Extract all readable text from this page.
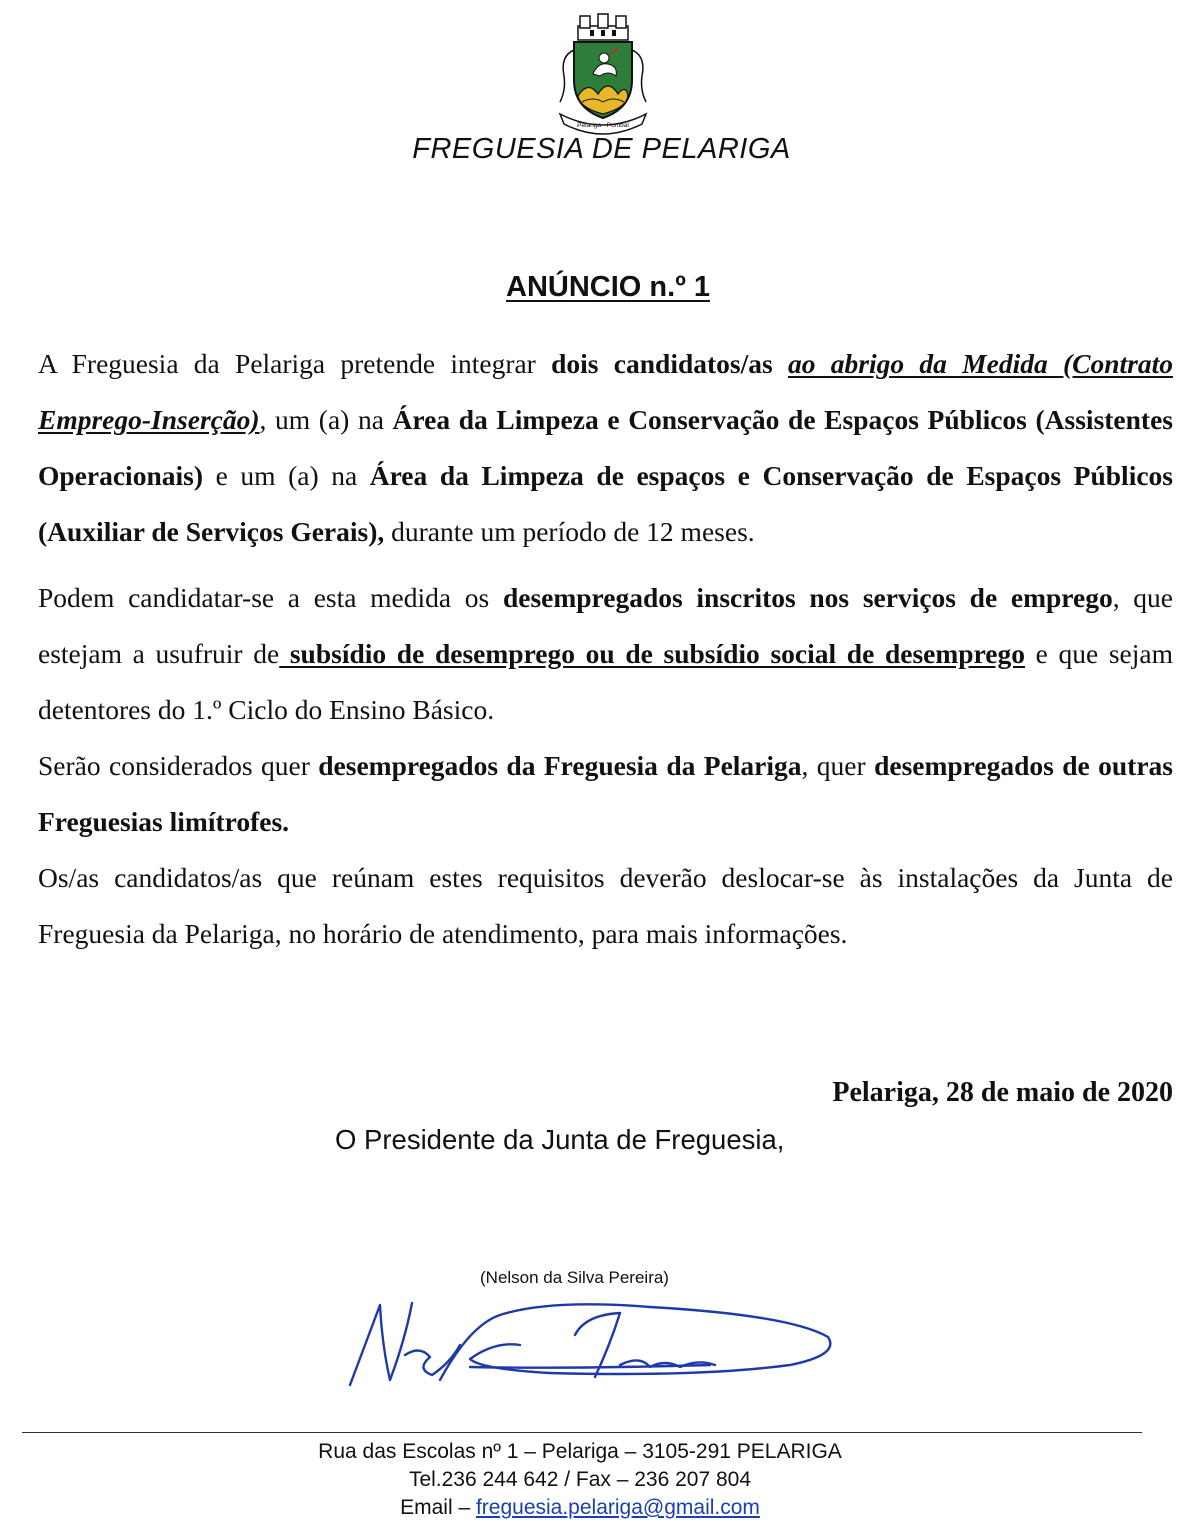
Pelariga - Pombal
FREGUESIA DE PELARIGA
ANÚNCIO n.º 1

A Freguesia da Pelariga pretende integrar dois candidatos/as ao abrigo da Medida (Contrato Emprego-Inserção), um (a) na Área da Limpeza e Conservação de Espaços Públicos (Assistentes Operacionais) e um (a) na Área da Limpeza de espaços e Conservação de Espaços Públicos (Auxiliar de Serviços Gerais), durante um período de 12 meses.

Podem candidatar-se a esta medida os desempregados inscritos nos serviços de emprego, que estejam a usufruir de subsídio de desemprego ou de subsídio social de desemprego e que sejam detentores do 1.º Ciclo do Ensino Básico.

Serão considerados quer desempregados da Freguesia da Pelariga, quer desempregados de outras Freguesias limítrofes.

Os/as candidatos/as que reúnam estes requisitos deverão deslocar-se às instalações da Junta de Freguesia da Pelariga, no horário de atendimento, para mais informações.

Pelariga, 28 de maio de 2020
O Presidente da Junta de Freguesia,
(Nelson da Silva Pereira)
Rua das Escolas nº 1 – Pelariga – 3105-291 PELARIGA
Tel.236 244 642 / Fax – 236 207 804
Email – freguesia.pelariga@gmail.com
